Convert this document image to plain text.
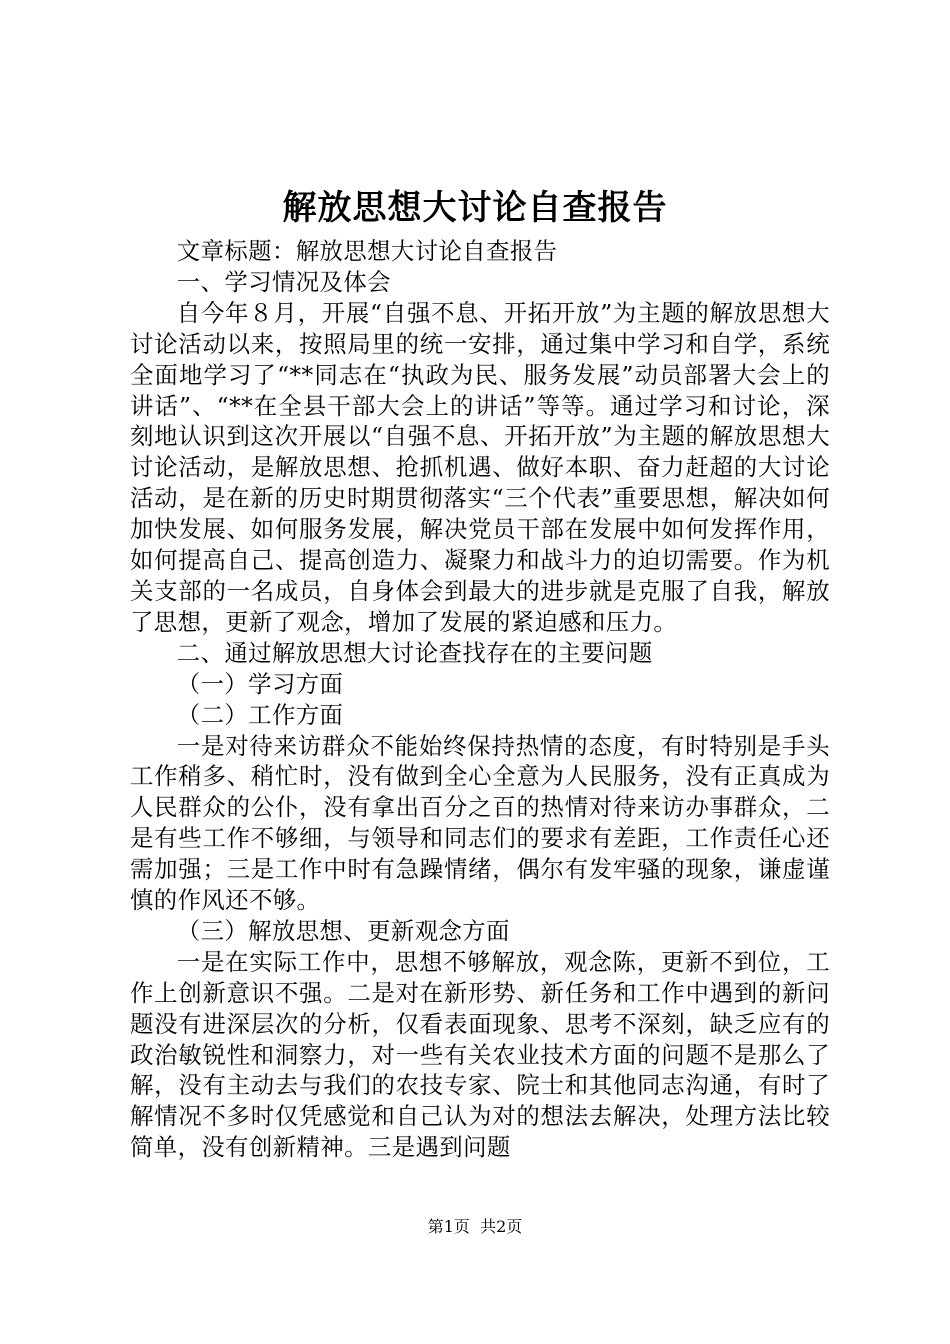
解放思想大讨论自查报告

文章标题：解放思想大讨论自查报告

一、学习情况及体会

自今年８月，开展“自强不息、开拓开放”为主题的解放思想大讨论活动以来，按照局里的统一安排，通过集中学习和自学，系统全面地学习了“**同志在“执政为民、服务发展”动员部署大会上的讲话”、“**在全县干部大会上的讲话”等等。通过学习和讨论，深刻地认识到这次开展以“自强不息、开拓开放”为主题的解放思想大讨论活动，是解放思想、抢抓机遇、做好本职、奋力赶超的大讨论活动，是在新的历史时期贯彻落实“三个代表”重要思想，解决如何加快发展、如何服务发展，解决党员干部在发展中如何发挥作用，如何提高自己、提高创造力、凝聚力和战斗力的迫切需要。作为机关支部的一名成员，自身体会到最大的进步就是克服了自我，解放了思想，更新了观念，增加了发展的紧迫感和压力。

二、通过解放思想大讨论查找存在的主要问题

（一）学习方面

（二）工作方面

一是对待来访群众不能始终保持热情的态度，有时特别是手头工作稍多、稍忙时，没有做到全心全意为人民服务，没有正真成为人民群众的公仆，没有拿出百分之百的热情对待来访办事群众，二是有些工作不够细，与领导和同志们的要求有差距，工作责任心还需加强；三是工作中时有急躁情绪，偶尔有发牢骚的现象，谦虚谨慎的作风还不够。

（三）解放思想、更新观念方面

一是在实际工作中，思想不够解放，观念陈，更新不到位，工作上创新意识不强。二是对在新形势、新任务和工作中遇到的新问题没有进深层次的分析，仅看表面现象、思考不深刻，缺乏应有的政治敏锐性和洞察力，对一些有关农业技术方面的问题不是那么了解，没有主动去与我们的农技专家、院士和其他同志沟通，有时了解情况不多时仅凭感觉和自己认为对的想法去解决，处理方法比较简单，没有创新精神。三是遇到问题

第1页 共2页
